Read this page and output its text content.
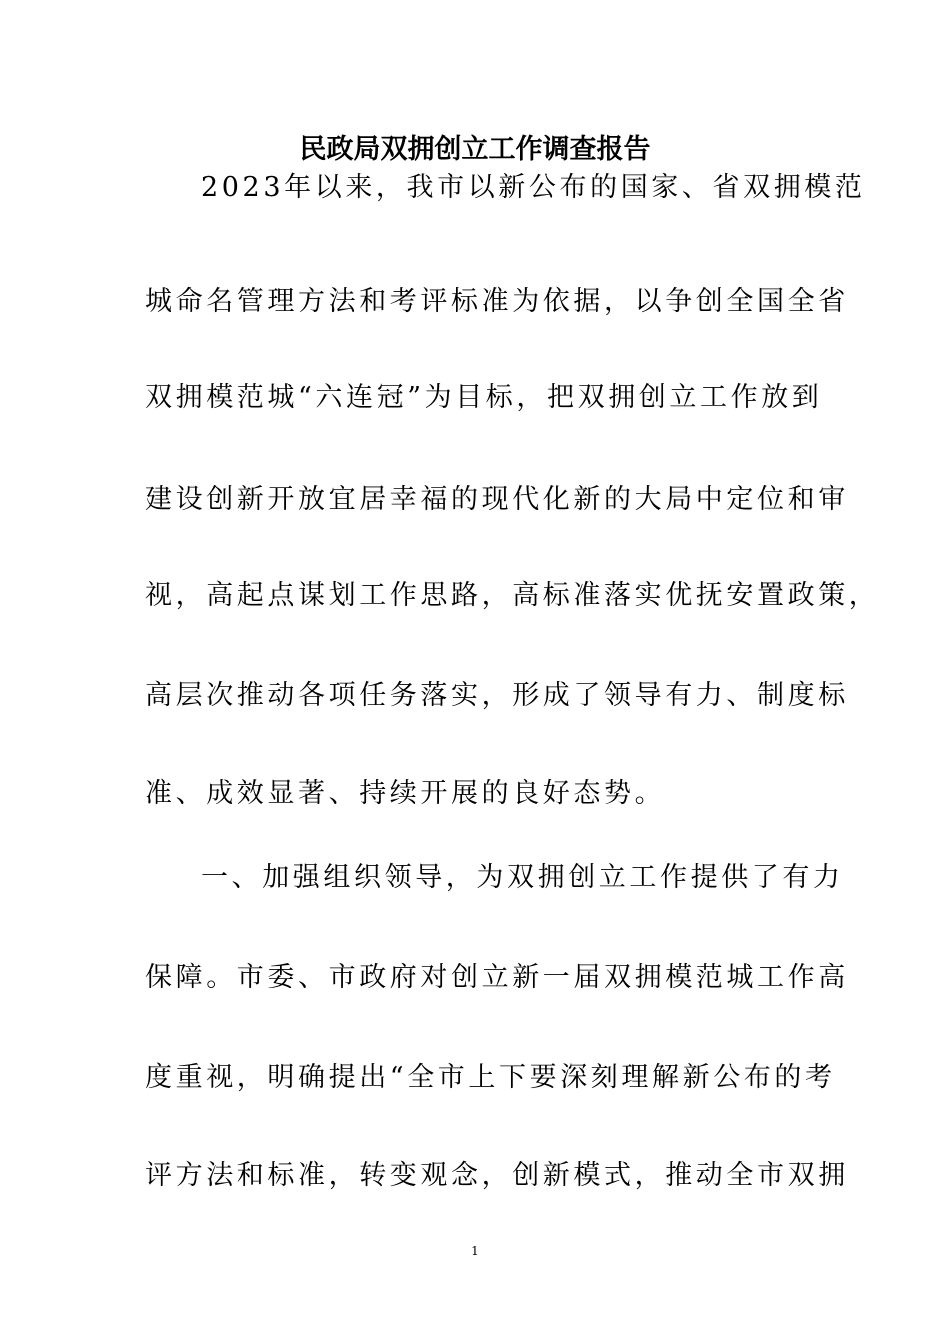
民政局双拥创立工作调查报告
2023年以来，我市以新公布的国家、省双拥模范
城命名管理方法和考评标准为依据，以争创全国全省
双拥模范城“六连冠”为目标，把双拥创立工作放到
建设创新开放宜居幸福的现代化新的大局中定位和审
视，高起点谋划工作思路，高标准落实优抚安置政策，
高层次推动各项任务落实，形成了领导有力、制度标
准、成效显著、持续开展的良好态势。
一、加强组织领导，为双拥创立工作提供了有力
保障。市委、市政府对创立新一届双拥模范城工作高
度重视，明确提出“全市上下要深刻理解新公布的考
评方法和标准，转变观念，创新模式，推动全市双拥
1
